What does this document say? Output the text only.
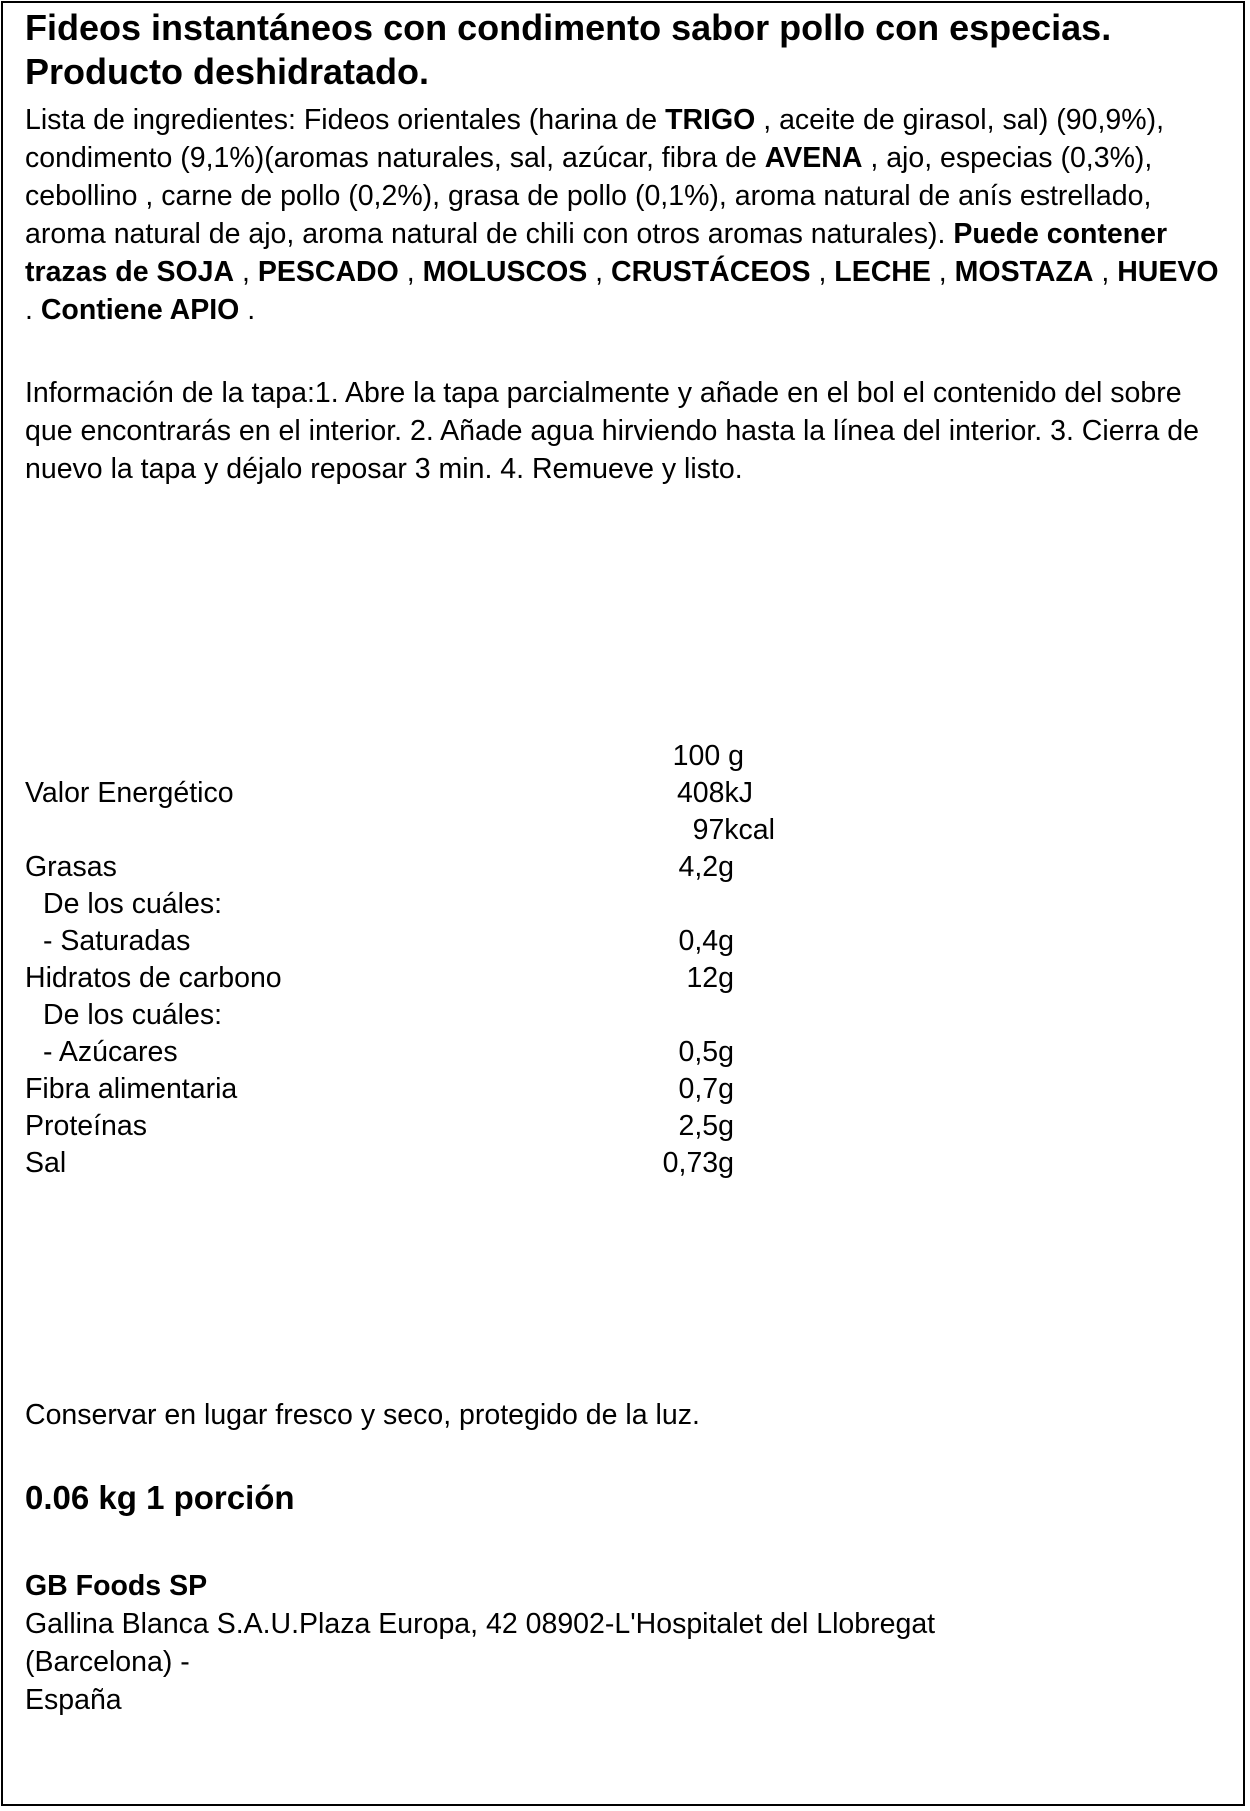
Fideos instantáneos con condimento sabor pollo con especias. Producto deshidratado.
Lista de ingredientes: Fideos orientales (harina de TRIGO , aceite de girasol, sal) (90,9%), condimento (9,1%)(aromas naturales, sal, azúcar, fibra de AVENA , ajo, especias (0,3%), cebollino , carne de pollo (0,2%), grasa de pollo (0,1%), aroma natural de anís estrellado, aroma natural de ajo, aroma natural de chili con otros aromas naturales). Puede contener trazas de SOJA , PESCADO , MOLUSCOS , CRUSTÁCEOS , LECHE , MOSTAZA , HUEVO . Contiene APIO .
Información de la tapa:1. Abre la tapa parcialmente y añade en el bol el contenido del sobre que encontrarás en el interior. 2. Añade agua hirviendo hasta la línea del interior. 3. Cierra de nuevo la tapa y déjalo reposar 3 min. 4. Remueve y listo.
100 g
Valor Energético	408kJ
97kcal
Grasas	4,2g
De los cuáles:
- Saturadas	0,4g
Hidratos de carbono	12g
De los cuáles:
- Azúcares	0,5g
Fibra alimentaria	0,7g
Proteínas	2,5g
Sal	0,73g
Conservar en lugar fresco y seco, protegido de la luz.
0.06 kg 1 porción
GB Foods SP
Gallina Blanca S.A.U.Plaza Europa, 42 08902-L'Hospitalet del Llobregat
(Barcelona) -
España
